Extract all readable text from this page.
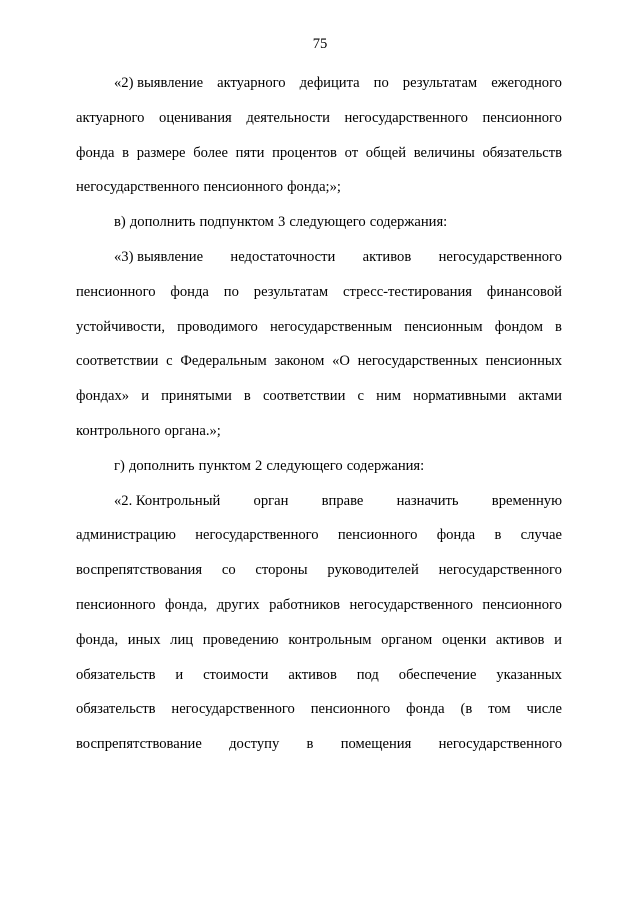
75
«2) выявление актуарного дефицита по результатам ежегодного
актуарного оценивания деятельности негосударственного пенсионного
фонда в размере более пяти процентов от общей величины обязательств
негосударственного пенсионного фонда;»;
в) дополнить подпунктом 3 следующего содержания:
«3) выявление недостаточности активов негосударственного
пенсионного фонда по результатам стресс-тестирования финансовой
устойчивости, проводимого негосударственным пенсионным фондом в
соответствии с Федеральным законом «О негосударственных пенсионных
фондах» и принятыми в соответствии с ним нормативными актами
контрольного органа.»;
г) дополнить пунктом 2 следующего содержания:
«2. Контрольный орган вправе назначить временную
администрацию негосударственного пенсионного фонда в случае
воспрепятствования со стороны руководителей негосударственного
пенсионного фонда, других работников негосударственного пенсионного
фонда, иных лиц проведению контрольным органом оценки активов и
обязательств и стоимости активов под обеспечение указанных
обязательств негосударственного пенсионного фонда (в том числе
воспрепятствование доступу в помещения негосударственного
